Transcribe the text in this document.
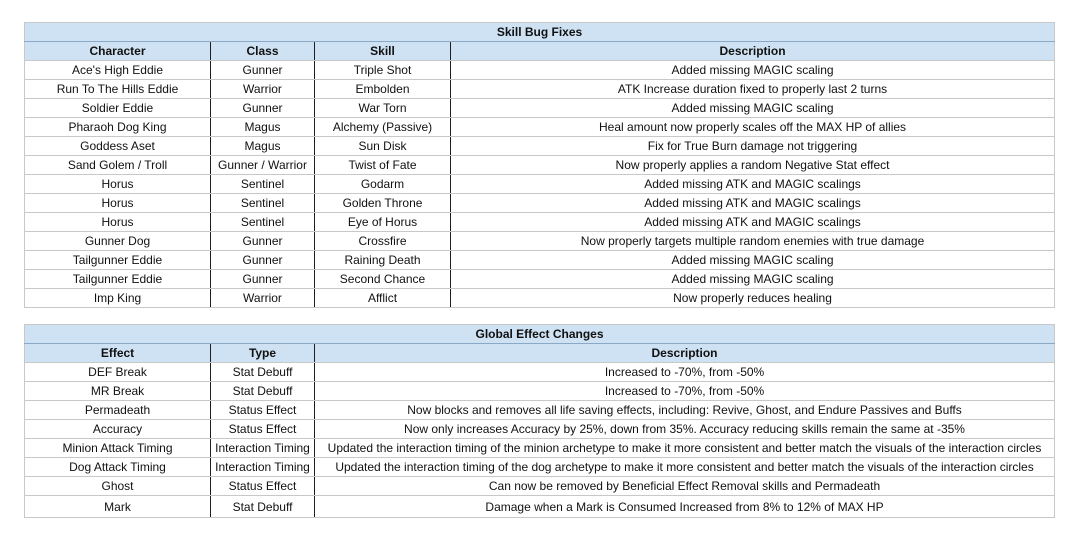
Skill Bug Fixes			
Character	Class	Skill	Description
Ace's High Eddie	Gunner	Triple Shot	Added missing MAGIC scaling
Run To The Hills Eddie	Warrior	Embolden	ATK Increase duration fixed to properly last 2 turns
Soldier Eddie	Gunner	War Torn	Added missing MAGIC scaling
Pharaoh Dog King	Magus	Alchemy (Passive)	Heal amount now properly scales off the MAX HP of allies
Goddess Aset	Magus	Sun Disk	Fix for True Burn damage not triggering
Sand Golem / Troll	Gunner / Warrior	Twist of Fate	Now properly applies a random Negative Stat effect
Horus	Sentinel	Godarm	Added missing ATK and MAGIC scalings
Horus	Sentinel	Golden Throne	Added missing ATK and MAGIC scalings
Horus	Sentinel	Eye of Horus	Added missing ATK and MAGIC scalings
Gunner Dog	Gunner	Crossfire	Now properly targets multiple random enemies with true damage
Tailgunner Eddie	Gunner	Raining Death	Added missing MAGIC scaling
Tailgunner Eddie	Gunner	Second Chance	Added missing MAGIC scaling
Imp King	Warrior	Afflict	Now properly reduces healing
Global Effect Changes		
Effect	Type	Description
DEF Break	Stat Debuff	Increased to -70%, from -50%
MR Break	Stat Debuff	Increased to -70%, from -50%
Permadeath	Status Effect	Now blocks and removes all life saving effects, including: Revive, Ghost, and Endure Passives and Buffs
Accuracy	Status Effect	Now only increases Accuracy by 25%, down from 35%. Accuracy reducing skills remain the same at -35%
Minion Attack Timing	Interaction Timing	Updated the interaction timing of the minion archetype to make it more consistent and better match the visuals of the interaction circles
Dog Attack Timing	Interaction Timing	Updated the interaction timing of the dog archetype to make it more consistent and better match the visuals of the interaction circles
Ghost	Status Effect	Can now be removed by Beneficial Effect Removal skills and Permadeath
Mark	Stat Debuff	Damage when a Mark is Consumed Increased from 8% to 12% of MAX HP
